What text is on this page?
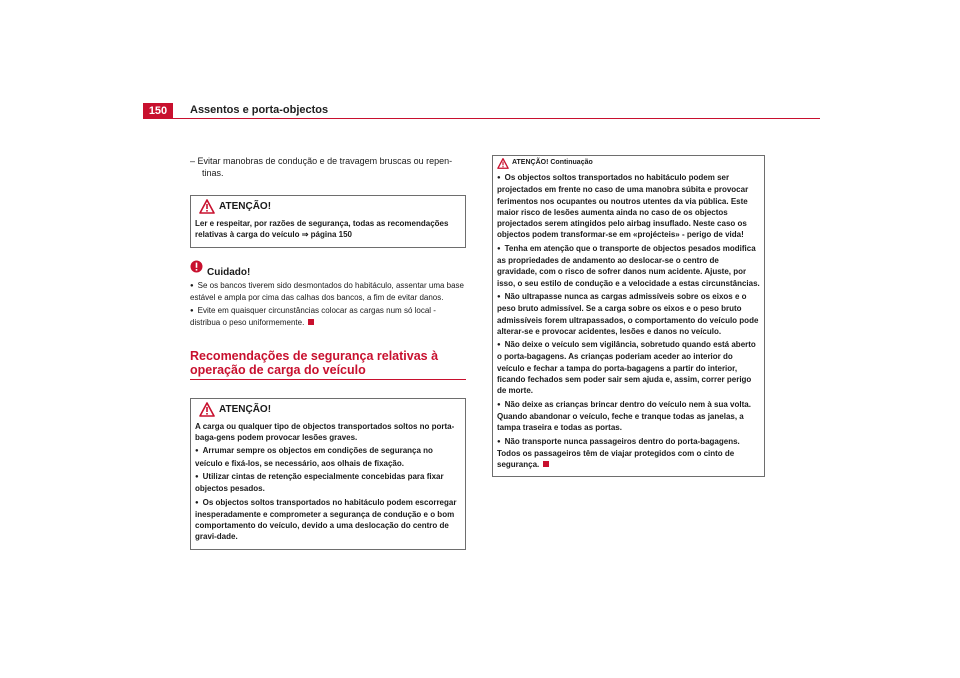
150	Assentos e porta-objectos

– Evitar manobras de condução e de travagem bruscas ou repen-tinas.

ATENÇÃO!

Ler e respeitar, por razões de segurança, todas as recomendações relativas à carga do veículo ⇒ página 150

Cuidado!

● Se os bancos tiverem sido desmontados do habitáculo, assentar uma base estável e ampla por cima das calhas dos bancos, a fim de evitar danos.

● Evite em quaisquer circunstâncias colocar as cargas num só local - distribua o peso uniformemente.

Recomendações de segurança relativas à operação de carga do veículo
ATENÇÃO!

A carga ou qualquer tipo de objectos transportados soltos no porta-baga-gens podem provocar lesões graves.

● Arrumar sempre os objectos em condições de segurança no veículo e fixá-los, se necessário, aos olhais de fixação.

● Utilizar cintas de retenção especialmente concebidas para fixar objectos pesados.

● Os objectos soltos transportados no habitáculo podem escorregar inesperadamente e comprometer a segurança de condução e o bom comportamento do veículo, devido a uma deslocação do centro de gravi-dade.

ATENÇÃO! Continuação

● Os objectos soltos transportados no habitáculo podem ser projectados em frente no caso de uma manobra súbita e provocar ferimentos nos ocupantes ou noutros utentes da via pública. Este maior risco de lesões aumenta ainda no caso de os objectos projectados serem atingidos pelo airbag insuflado. Neste caso os objectos podem transformar-se em «projécteis» - perigo de vida!

● Tenha em atenção que o transporte de objectos pesados modifica as propriedades de andamento ao deslocar-se o centro de gravidade, com o risco de sofrer danos num acidente. Ajuste, por isso, o seu estilo de condução e a velocidade a estas circunstâncias.

● Não ultrapasse nunca as cargas admissíveis sobre os eixos e o peso bruto admissível. Se a carga sobre os eixos e o peso bruto admissíveis forem ultrapassados, o comportamento do veículo pode alterar-se e provocar acidentes, lesões e danos no veículo.

● Não deixe o veículo sem vigilância, sobretudo quando está aberto o porta-bagagens. As crianças poderiam aceder ao interior do veículo e fechar a tampa do porta-bagagens a partir do interior, ficando fechados sem poder sair sem ajuda e, assim, correr perigo de morte.

● Não deixe as crianças brincar dentro do veículo nem à sua volta. Quando abandonar o veículo, feche e tranque todas as janelas, a tampa traseira e todas as portas.

● Não transporte nunca passageiros dentro do porta-bagagens. Todos os passageiros têm de viajar protegidos com o cinto de segurança.
